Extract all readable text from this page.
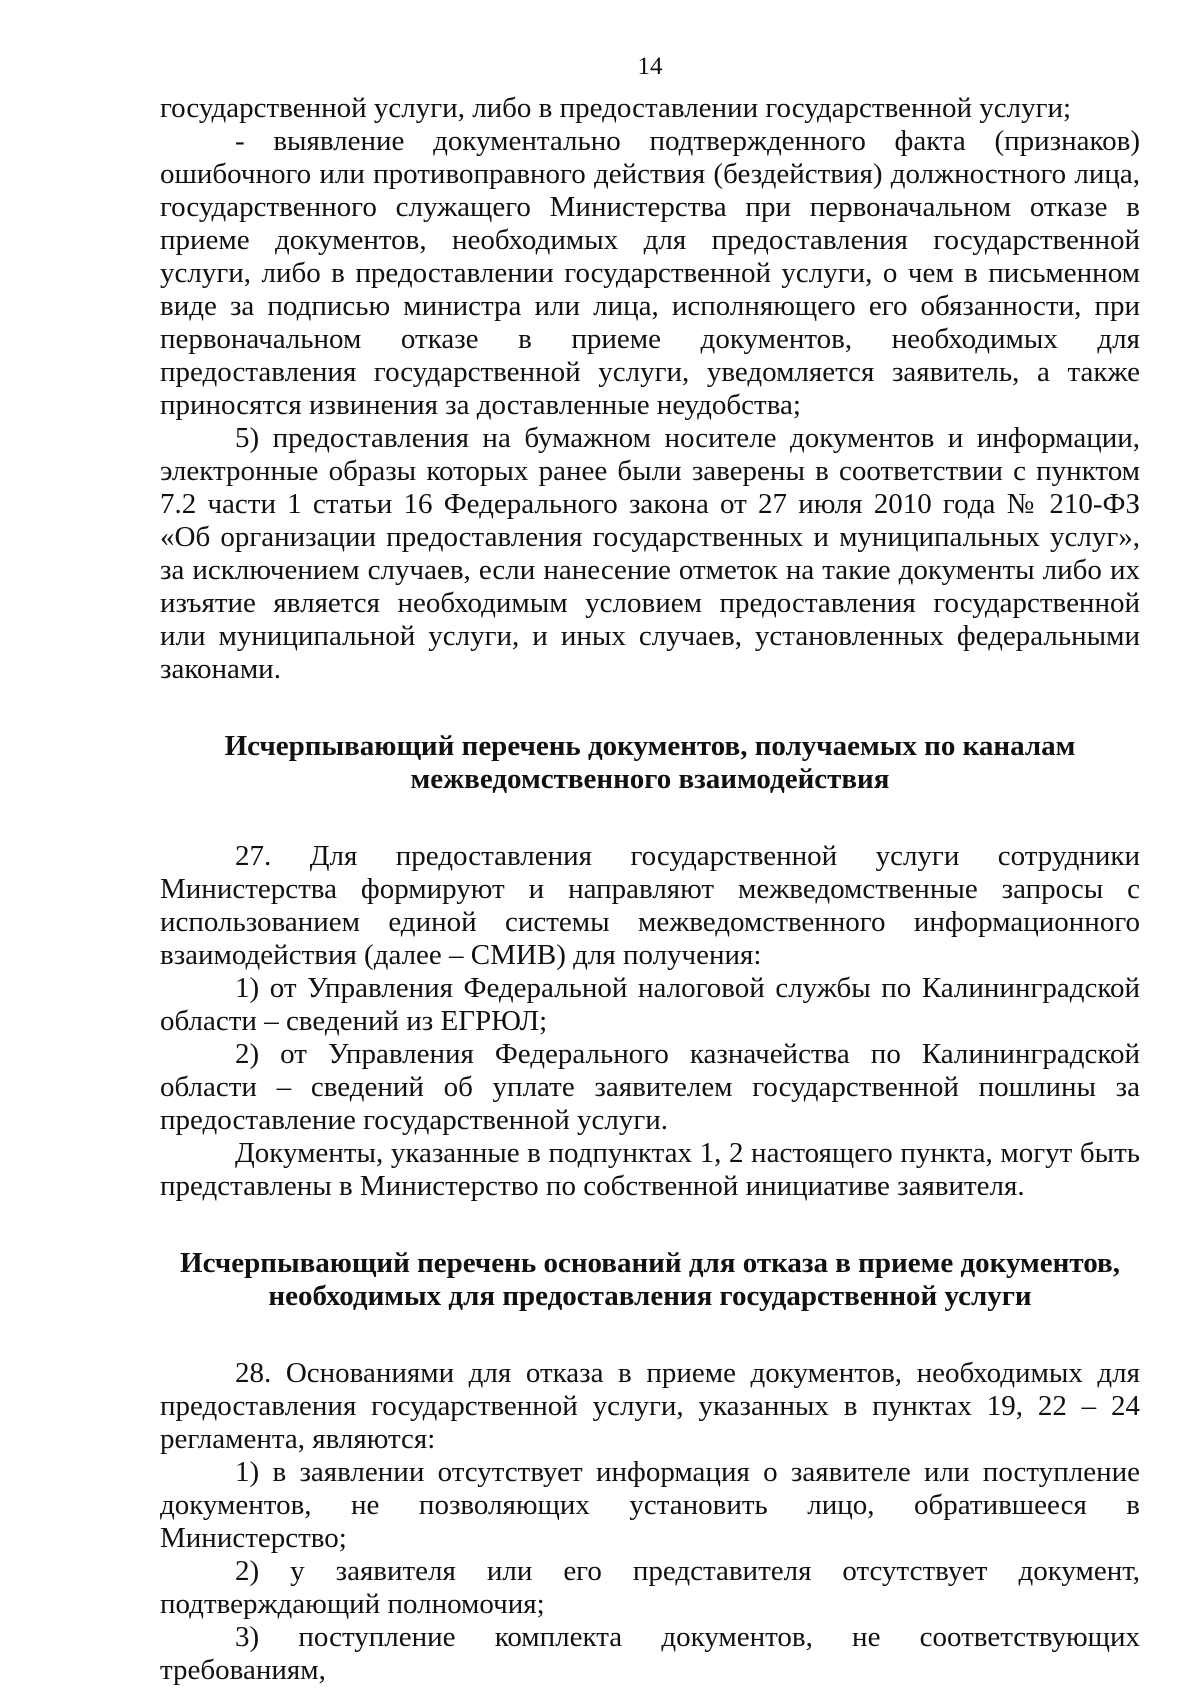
14

государственной услуги, либо в предоставлении государственной услуги;

- выявление документально подтвержденного факта (признаков) ошибочного или противоправного действия (бездействия) должностного лица, государственного служащего Министерства при первоначальном отказе в приеме документов, необходимых для предоставления государственной услуги, либо в предоставлении государственной услуги, о чем в письменном виде за подписью министра или лица, исполняющего его обязанности, при первоначальном отказе в приеме документов, необходимых для предоставления государственной услуги, уведомляется заявитель, а также приносятся извинения за доставленные неудобства;

5) предоставления на бумажном носителе документов и информации, электронные образы которых ранее были заверены в соответствии с пунктом 7.2 части 1 статьи 16 Федерального закона от 27 июля 2010 года № 210-ФЗ «Об организации предоставления государственных и муниципальных услуг», за исключением случаев, если нанесение отметок на такие документы либо их изъятие является необходимым условием предоставления государственной или муниципальной услуги, и иных случаев, установленных федеральными законами.

Исчерпывающий перечень документов, получаемых по каналам
межведомственного взаимодействия

27. Для предоставления государственной услуги сотрудники Министерства формируют и направляют межведомственные запросы с использованием единой системы межведомственного информационного взаимодействия (далее – СМИВ) для получения:

1) от Управления Федеральной налоговой службы по Калининградской области – сведений из ЕГРЮЛ;

2) от Управления Федерального казначейства по Калининградской области – сведений об уплате заявителем государственной пошлины за предоставление государственной услуги.

Документы, указанные в подпунктах 1, 2 настоящего пункта, могут быть представлены в Министерство по собственной инициативе заявителя.

Исчерпывающий перечень оснований для отказа в приеме документов,
необходимых для предоставления государственной услуги

28. Основаниями для отказа в приеме документов, необходимых для предоставления государственной услуги, указанных в пунктах 19, 22 – 24 регламента, являются:

1) в заявлении отсутствует информация о заявителе или поступление документов, не позволяющих установить лицо, обратившееся в Министерство;

2) у заявителя или его представителя отсутствует документ, подтверждающий полномочия;

3) поступление комплекта документов, не соответствующих требованиям,
